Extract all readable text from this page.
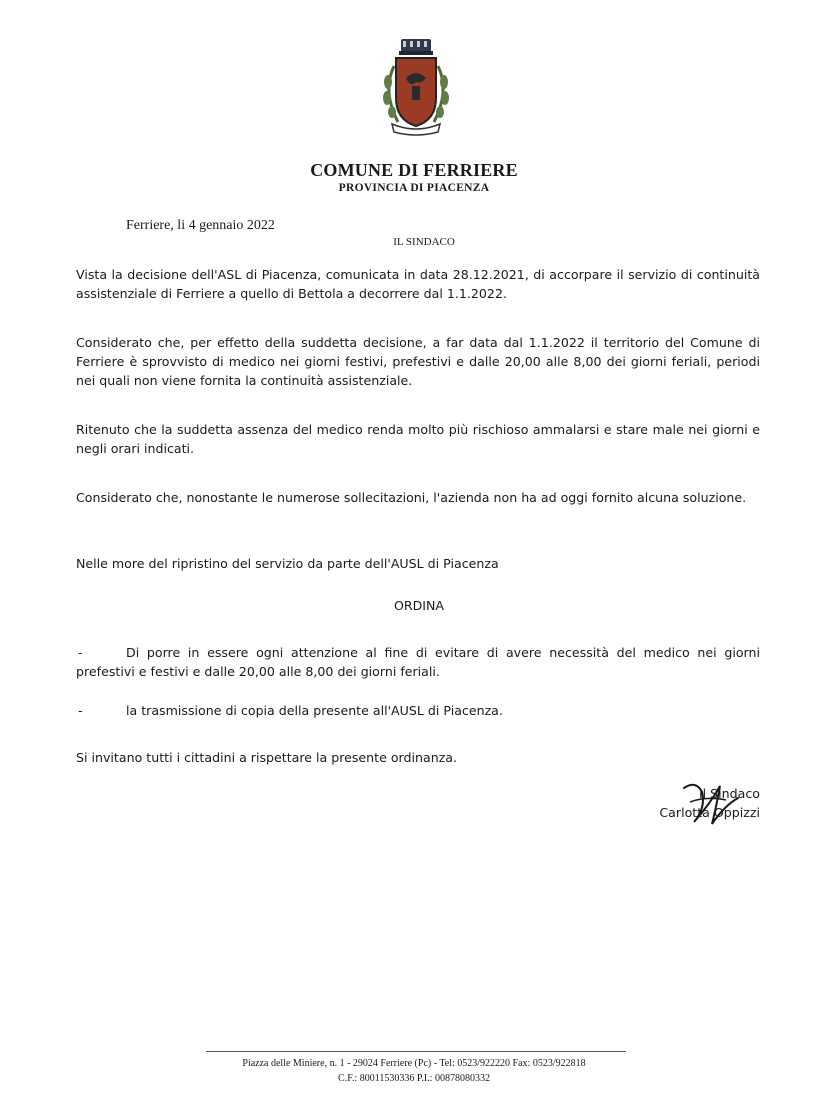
COMUNE DI FERRIERE
PROVINCIA DI PIACENZA
Ferriere, li 4 gennaio 2022
IL SINDACO
Vista la decisione dell'ASL di Piacenza, comunicata in data 28.12.2021, di accorpare il servizio di continuità assistenziale di Ferriere a quello di Bettola a decorrere dal 1.1.2022.
Considerato che, per effetto della suddetta decisione, a far data dal 1.1.2022 il territorio del Comune di Ferriere è sprovvisto di medico nei giorni festivi, prefestivi e dalle 20,00 alle 8,00 dei giorni feriali, periodi nei quali non viene fornita la continuità assistenziale.
Ritenuto che la suddetta assenza del medico renda molto più rischioso ammalarsi e stare male nei giorni e negli orari indicati.
Considerato che, nonostante le numerose sollecitazioni, l'azienda non ha ad oggi fornito alcuna soluzione.
Nelle more del ripristino del servizio da parte dell'AUSL di Piacenza
ORDINA
-	Di porre in essere ogni attenzione al fine di evitare di avere necessità del medico nei giorni prefestivi e festivi e dalle 20,00 alle 8,00 dei giorni feriali.
-	la trasmissione di copia della presente all'AUSL di Piacenza.
Si invitano tutti i cittadini a rispettare la presente ordinanza.
Il Sindaco
Carlotta Oppizzi
Piazza delle Miniere, n. 1 - 29024 Ferriere (Pc) - Tel: 0523/922220 Fax: 0523/922818
C.F.: 80011530336 P.I.: 00878080332
